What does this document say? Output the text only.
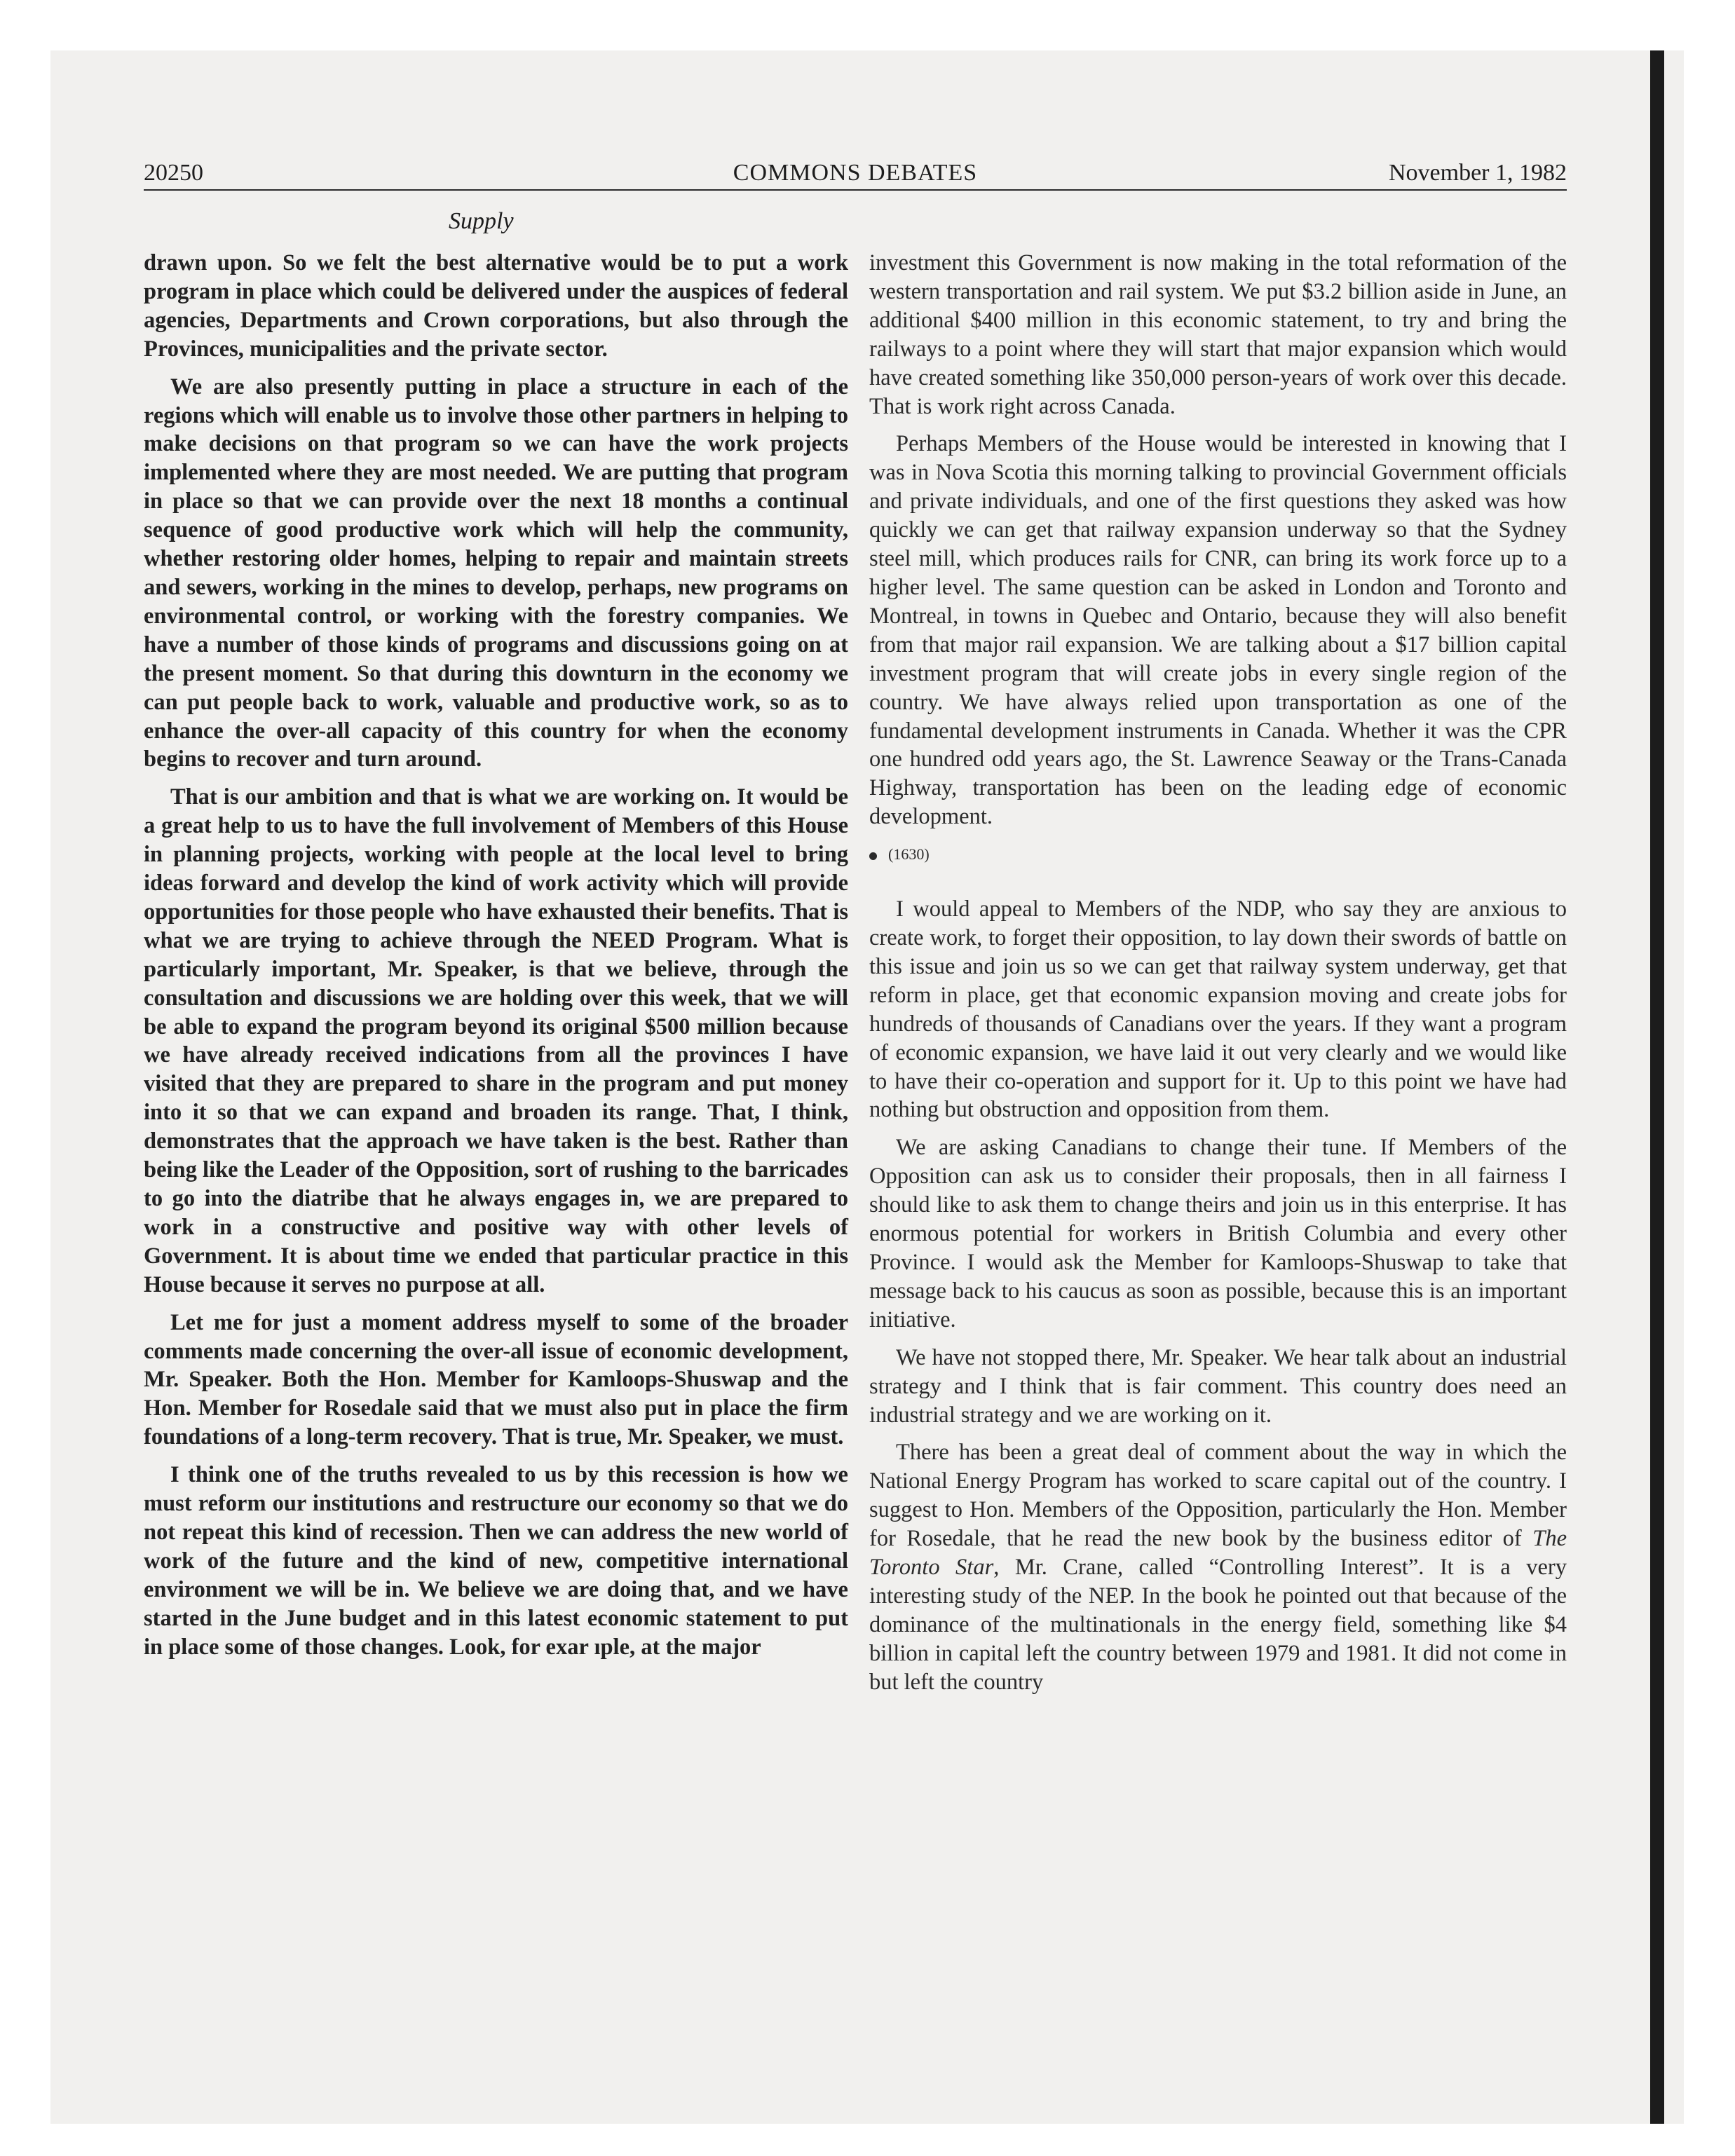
20250	COMMONS DEBATES	November 1, 1982
Supply

drawn upon. So we felt the best alternative would be to put a work program in place which could be delivered under the auspices of federal agencies, Departments and Crown corporations, but also through the Provinces, municipalities and the private sector.

We are also presently putting in place a structure in each of the regions which will enable us to involve those other partners in helping to make decisions on that program so we can have the work projects implemented where they are most needed. We are putting that program in place so that we can provide over the next 18 months a continual sequence of good productive work which will help the community, whether restoring older homes, helping to repair and maintain streets and sewers, working in the mines to develop, perhaps, new programs on environmental control, or working with the forestry companies. We have a number of those kinds of programs and discussions going on at the present moment. So that during this downturn in the economy we can put people back to work, valuable and productive work, so as to enhance the over-all capacity of this country for when the economy begins to recover and turn around.

That is our ambition and that is what we are working on. It would be a great help to us to have the full involvement of Members of this House in planning projects, working with people at the local level to bring ideas forward and develop the kind of work activity which will provide opportunities for those people who have exhausted their benefits. That is what we are trying to achieve through the NEED Program. What is particularly important, Mr. Speaker, is that we believe, through the consultation and discussions we are holding over this week, that we will be able to expand the program beyond its original $500 million because we have already received indications from all the provinces I have visited that they are prepared to share in the program and put money into it so that we can expand and broaden its range. That, I think, demonstrates that the approach we have taken is the best. Rather than being like the Leader of the Opposition, sort of rushing to the barricades to go into the diatribe that he always engages in, we are prepared to work in a constructive and positive way with other levels of Government. It is about time we ended that particular practice in this House because it serves no purpose at all.

Let me for just a moment address myself to some of the broader comments made concerning the over-all issue of economic development, Mr. Speaker. Both the Hon. Member for Kamloops-Shuswap and the Hon. Member for Rosedale said that we must also put in place the firm foundations of a long-term recovery. That is true, Mr. Speaker, we must.

I think one of the truths revealed to us by this recession is how we must reform our institutions and restructure our economy so that we do not repeat this kind of recession. Then we can address the new world of work of the future and the kind of new, competitive international environment we will be in. We believe we are doing that, and we have started in the June budget and in this latest economic statement to put in place some of those changes. Look, for exar ıple, at the major

investment this Government is now making in the total reformation of the western transportation and rail system. We put $3.2 billion aside in June, an additional $400 million in this economic statement, to try and bring the railways to a point where they will start that major expansion which would have created something like 350,000 person-years of work over this decade. That is work right across Canada.

Perhaps Members of the House would be interested in knowing that I was in Nova Scotia this morning talking to provincial Government officials and private individuals, and one of the first questions they asked was how quickly we can get that railway expansion underway so that the Sydney steel mill, which produces rails for CNR, can bring its work force up to a higher level. The same question can be asked in London and Toronto and Montreal, in towns in Quebec and Ontario, because they will also benefit from that major rail expansion. We are talking about a $17 billion capital investment program that will create jobs in every single region of the country. We have always relied upon transportation as one of the fundamental development instruments in Canada. Whether it was the CPR one hundred odd years ago, the St. Lawrence Seaway or the Trans-Canada Highway, transportation has been on the leading edge of economic development.

(1630)

I would appeal to Members of the NDP, who say they are anxious to create work, to forget their opposition, to lay down their swords of battle on this issue and join us so we can get that railway system underway, get that reform in place, get that economic expansion moving and create jobs for hundreds of thousands of Canadians over the years. If they want a program of economic expansion, we have laid it out very clearly and we would like to have their co-operation and support for it. Up to this point we have had nothing but obstruction and opposition from them.

We are asking Canadians to change their tune. If Members of the Opposition can ask us to consider their proposals, then in all fairness I should like to ask them to change theirs and join us in this enterprise. It has enormous potential for workers in British Columbia and every other Province. I would ask the Member for Kamloops-Shuswap to take that message back to his caucus as soon as possible, because this is an important initiative.

We have not stopped there, Mr. Speaker. We hear talk about an industrial strategy and I think that is fair comment. This country does need an industrial strategy and we are working on it.

There has been a great deal of comment about the way in which the National Energy Program has worked to scare capital out of the country. I suggest to Hon. Members of the Opposition, particularly the Hon. Member for Rosedale, that he read the new book by the business editor of The Toronto Star, Mr. Crane, called “Controlling Interest”. It is a very interesting study of the NEP. In the book he pointed out that because of the dominance of the multinationals in the energy field, something like $4 billion in capital left the country between 1979 and 1981. It did not come in but left the country
